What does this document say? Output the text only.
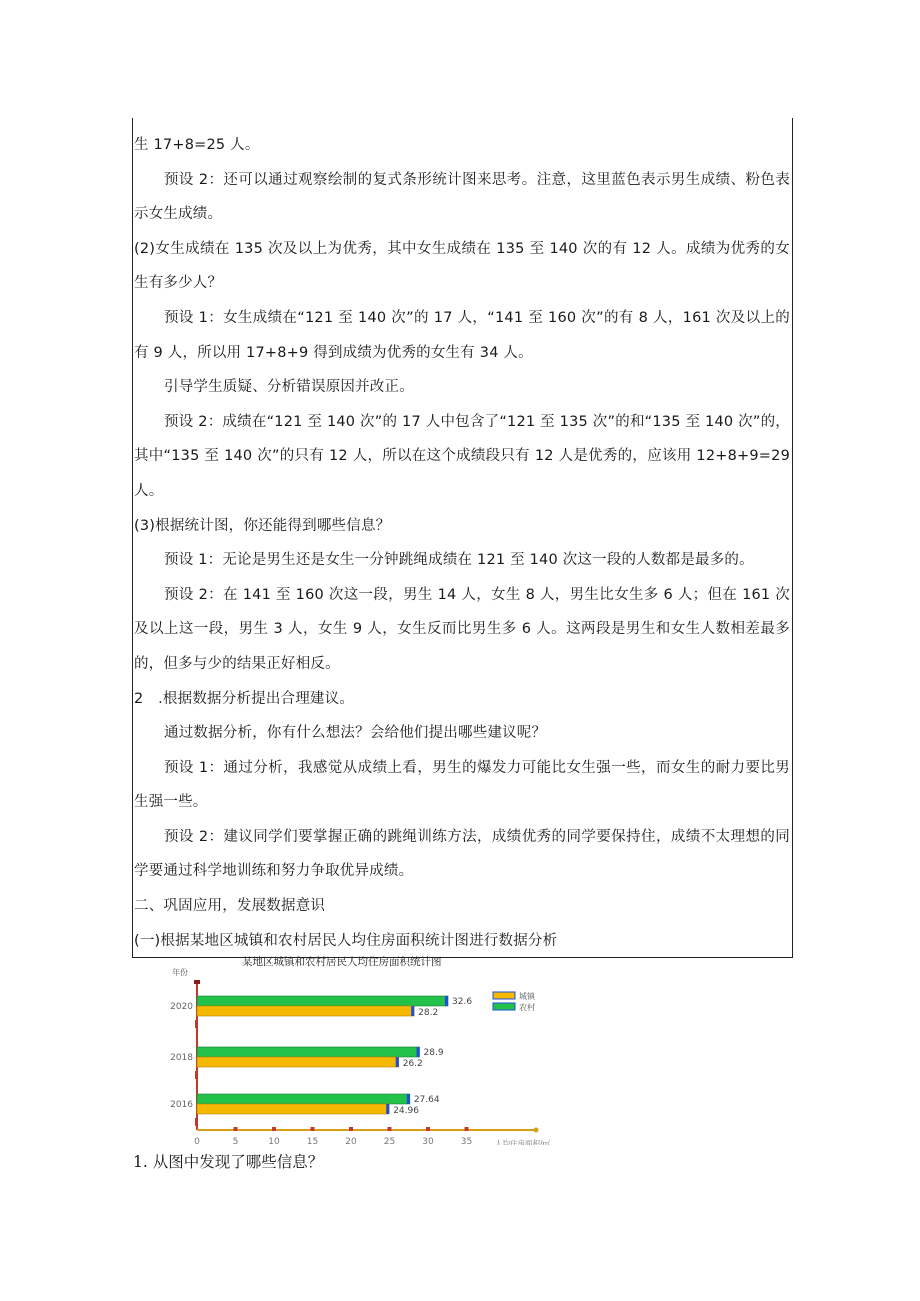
生 17+8=25 人。

预设 2：还可以通过观察绘制的复式条形统计图来思考。注意，这里蓝色表示男生成绩、粉色表示女生成绩。

(2)女生成绩在 135 次及以上为优秀，其中女生成绩在 135 至 140 次的有 12 人。成绩为优秀的女生有多少人？

预设 1：女生成绩在“121 至 140 次”的 17 人，“141 至 160 次”的有 8 人，161 次及以上的有 9 人，所以用 17+8+9 得到成绩为优秀的女生有 34 人。

引导学生质疑、分析错误原因并改正。

预设 2：成绩在“121 至 140 次”的 17 人中包含了“121 至 135 次”的和“135 至 140 次”的，其中“135 至 140 次”的只有 12 人，所以在这个成绩段只有 12 人是优秀的，应该用 12+8+9=29 人。

(3)根据统计图，你还能得到哪些信息？

预设 1：无论是男生还是女生一分钟跳绳成绩在 121 至 140 次这一段的人数都是最多的。

预设 2：在 141 至 160 次这一段，男生 14 人，女生 8 人，男生比女生多 6 人；但在 161 次及以上这一段，男生 3 人，女生 9 人，女生反而比男生多 6 人。这两段是男生和女生人数相差最多的，但多与少的结果正好相反。

2　.根据数据分析提出合理建议。

通过数据分析，你有什么想法？会给他们提出哪些建议呢？

预设 1：通过分析，我感觉从成绩上看，男生的爆发力可能比女生强一些，而女生的耐力要比男生强一些。

预设 2：建议同学们要掌握正确的跳绳训练方法，成绩优秀的同学要保持住，成绩不太理想的同学要通过科学地训练和努力争取优异成绩。

二、巩固应用，发展数据意识

(一)根据某地区城镇和农村居民人均住房面积统计图进行数据分析

某地区城镇和农村居民人均住房面积统计图
年份
0	5	10	15	20	25	30	35	人均住房面积/㎡
32.6
28.2
2020
28.9
26.2
2018
27.64
24.96
2016
城镇
农村
1. 从图中发现了哪些信息？
